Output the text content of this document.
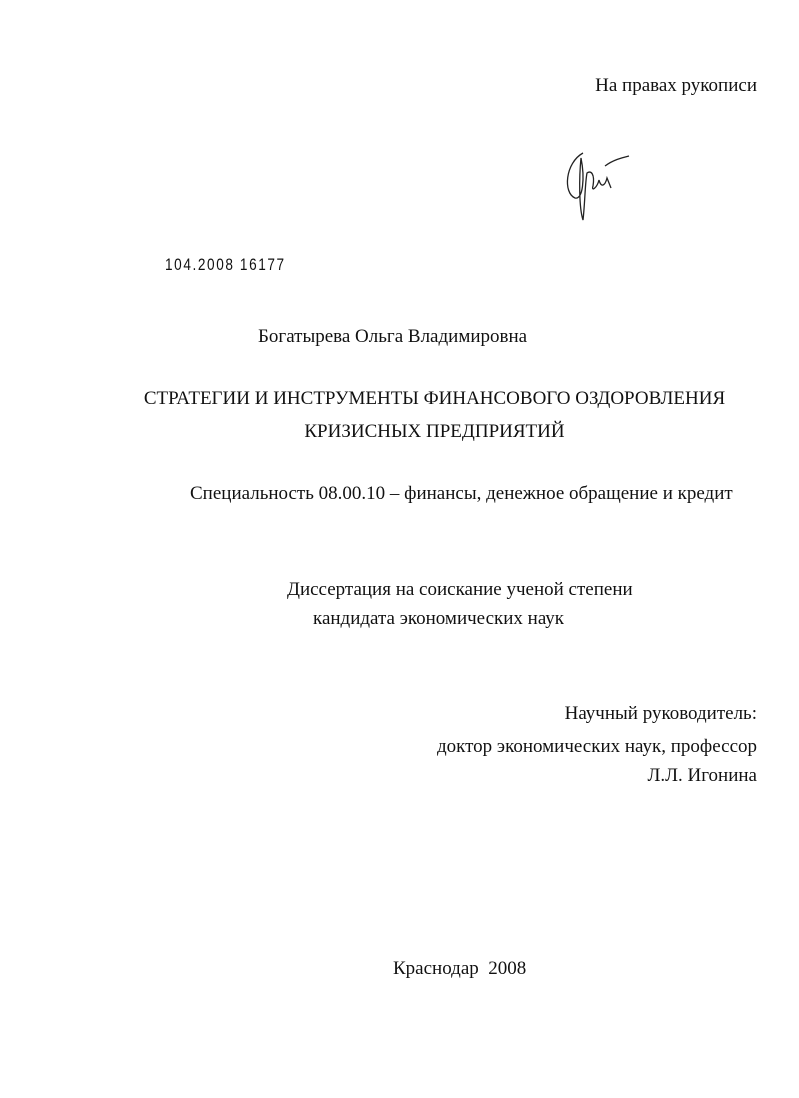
На правах рукописи
104.2008 16177
Богатырева Ольга Владимировна
СТРАТЕГИИ И ИНСТРУМЕНТЫ ФИНАНСОВОГО ОЗДОРОВЛЕНИЯ
КРИЗИСНЫХ ПРЕДПРИЯТИЙ
Специальность 08.00.10 – финансы, денежное обращение и кредит
Диссертация на соискание ученой степени
кандидата экономических наук
Научный руководитель:
доктор экономических наук, профессор
Л.Л. Игонина
Краснодар  2008
